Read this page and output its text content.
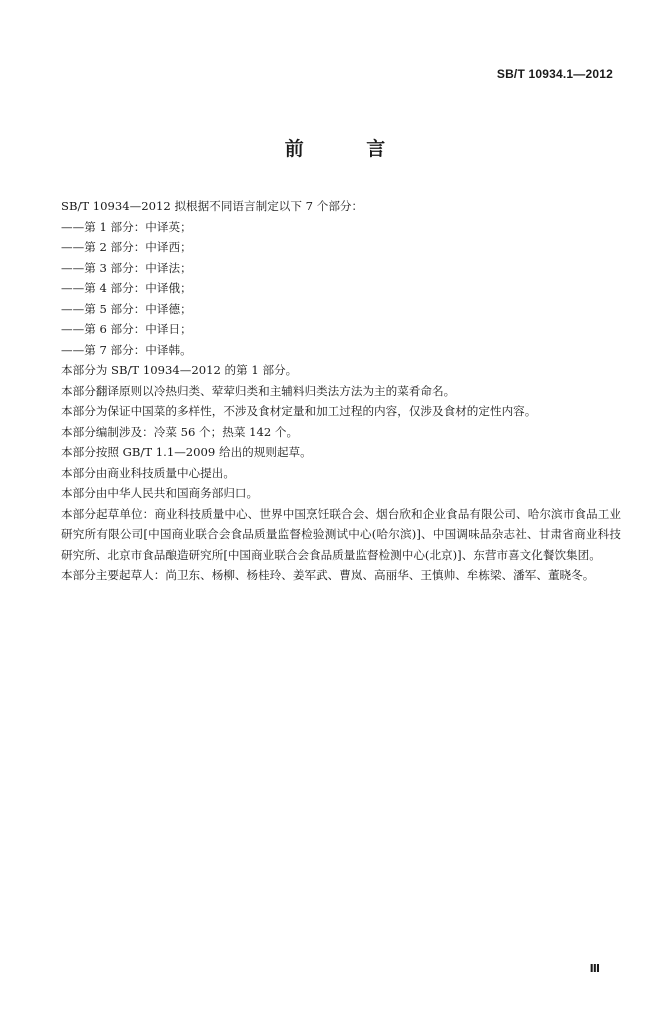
SB/T 10934.1—2012
前 言
SB/T 10934—2012 拟根据不同语言制定以下 7 个部分：
——第 1 部分：中译英；
——第 2 部分：中译西；
——第 3 部分：中译法；
——第 4 部分：中译俄；
——第 5 部分：中译德；
——第 6 部分：中译日；
——第 7 部分：中译韩。
本部分为 SB/T 10934—2012 的第 1 部分。
本部分翻译原则以冷热归类、荤荤归类和主辅料归类法方法为主的菜肴命名。
本部分为保证中国菜的多样性，不涉及食材定量和加工过程的内容，仅涉及食材的定性内容。
本部分编制涉及：冷菜 56 个；热菜 142 个。
本部分按照 GB/T 1.1—2009 给出的规则起草。
本部分由商业科技质量中心提出。
本部分由中华人民共和国商务部归口。
本部分起草单位：商业科技质量中心、世界中国烹饪联合会、烟台欣和企业食品有限公司、哈尔滨市食品工业研究所有限公司[中国商业联合会食品质量监督检验测试中心(哈尔滨)]、中国调味品杂志社、甘肃省商业科技研究所、北京市食品酿造研究所[中国商业联合会食品质量监督检测中心(北京)]、东营市喜文化餐饮集团。
本部分主要起草人：尚卫东、杨柳、杨桂玲、姜军武、曹岚、高丽华、王慎帅、牟栋梁、潘军、董晓冬。
Ⅲ
